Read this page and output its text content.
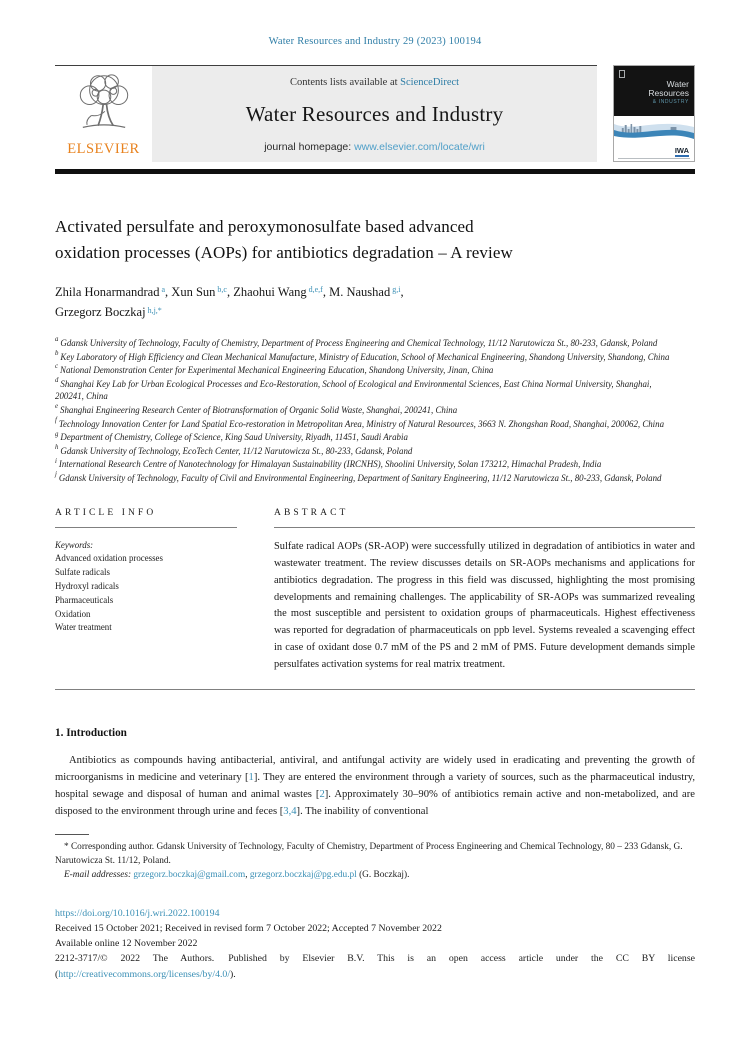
Water Resources and Industry 29 (2023) 100194
ELSEVIER
Contents lists available at ScienceDirect
Water Resources and Industry
journal homepage: www.elsevier.com/locate/wri
Water
Resources
& INDUSTRY
IWA
Activated persulfate and peroxymonosulfate based advanced
oxidation processes (AOPs) for antibiotics degradation – A review
Zhila Honarmandrad $^a$, Xun Sun $^{b,c}$, Zhaohui Wang $^{d,e,f}$, M. Naushad $^{g,i}$,
Grzegorz Boczkaj $^{h,j,*}$
$^a$ Gdansk University of Technology, Faculty of Chemistry, Department of Process Engineering and Chemical Technology, 11/12 Narutowicza St., 80-233, Gdansk, Poland
$^b$ Key Laboratory of High Efficiency and Clean Mechanical Manufacture, Ministry of Education, School of Mechanical Engineering, Shandong University, Shandong, China
$^c$ National Demonstration Center for Experimental Mechanical Engineering Education, Shandong University, Jinan, China
$^d$ Shanghai Key Lab for Urban Ecological Processes and Eco-Restoration, School of Ecological and Environmental Sciences, East China Normal University, Shanghai, 200241, China
$^e$ Shanghai Engineering Research Center of Biotransformation of Organic Solid Waste, Shanghai, 200241, China
$^f$ Technology Innovation Center for Land Spatial Eco-restoration in Metropolitan Area, Ministry of Natural Resources, 3663 N. Zhongshan Road, Shanghai, 200062, China
$^g$ Department of Chemistry, College of Science, King Saud University, Riyadh, 11451, Saudi Arabia
$^h$ Gdansk University of Technology, EcoTech Center, 11/12 Narutowicza St., 80-233, Gdansk, Poland
$^i$ International Research Centre of Nanotechnology for Himalayan Sustainability (IRCNHS), Shoolini University, Solan 173212, Himachal Pradesh, India
$^j$ Gdansk University of Technology, Faculty of Civil and Environmental Engineering, Department of Sanitary Engineering, 11/12 Narutowicza St., 80-233, Gdansk, Poland
ARTICLE INFO
Keywords:
Advanced oxidation processes
Sulfate radicals
Hydroxyl radicals
Pharmaceuticals
Oxidation
Water treatment
ABSTRACT
Sulfate radical AOPs (SR-AOP) were successfully utilized in degradation of antibiotics in water and wastewater treatment. The review discusses details on SR-AOPs mechanisms and applications for antibiotics degradation. The progress in this field was discussed, highlighting the most promising developments and remaining challenges. The applicability of SR-AOPs was summarized revealing the most susceptible and persistent to oxidation groups of pharmaceuticals. Highest effectiveness was reported for degradation of pharmaceuticals on ppb level. Systems revealed a scavenging effect in case of oxidant dose 0.7 mM of the PS and 2 mM of PMS. Future development demands simple persulfates activation systems for real matrix treatment.
1. Introduction

Antibiotics as compounds having antibacterial, antiviral, and antifungal activity are widely used in eradicating and preventing the growth of microorganisms in medicine and veterinary [1]. They are entered the environment through a variety of sources, such as the pharmaceutical industry, hospital sewage and disposal of human and animal wastes [2]. Approximately 30–90% of antibiotics remain active and non-metabolized, and are disposed to the environment through urine and feces [3,4]. The inability of conventional

* Corresponding author. Gdansk University of Technology, Faculty of Chemistry, Department of Process Engineering and Chemical Technology, 80 – 233 Gdansk, G. Narutowicza St. 11/12, Poland.
E-mail addresses: grzegorz.boczkaj@gmail.com, grzegorz.boczkaj@pg.edu.pl (G. Boczkaj).
https://doi.org/10.1016/j.wri.2022.100194
Received 15 October 2021; Received in revised form 7 October 2022; Accepted 7 November 2022
Available online 12 November 2022
2212-3717/© 2022 The Authors. Published by Elsevier B.V. This is an open access article under the CC BY license (http://creativecommons.org/licenses/by/4.0/).
